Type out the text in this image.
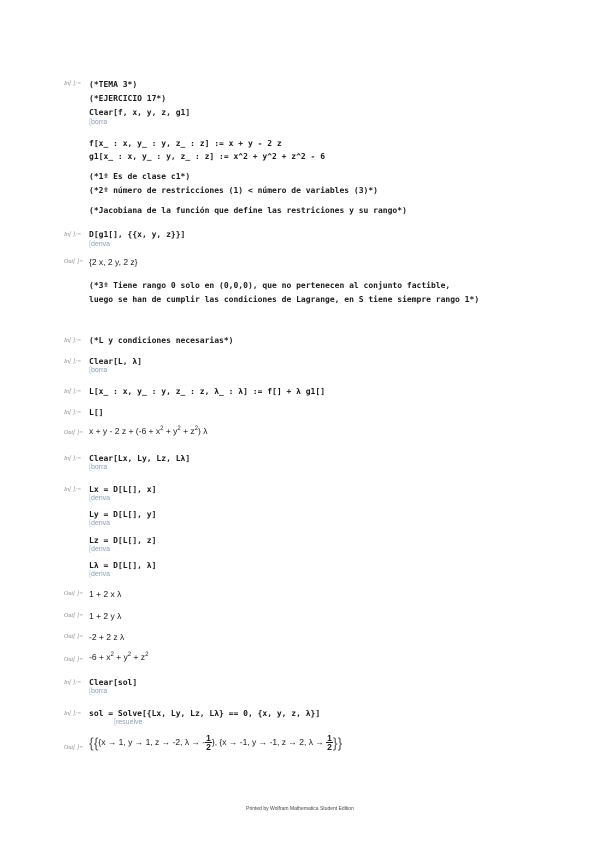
In[ ]:= (*TEMA 3*)
(*EJERCICIO 17*)
Clear[f, x, y, z, g1]
[borra
f[x_ : x, y_ : y, z_ : z] := x + y - 2 z
g1[x_ : x, y_ : y, z_ : z] := x^2 + y^2 + z^2 - 6
(*1º Es de clase c1*)
(*2º número de restricciones (1) < número de variables (3)*)
(*Jacobiana de la función que define las restriciones y su rango*)
In[ ]:= D[g1[], {{x, y, z}}]
[deriva
Out[ ]= {2 x, 2 y, 2 z}
(*3º Tiene rango 0 solo en (0,0,0), que no pertenecen al conjunto factible,
luego se han de cumplir las condiciones de Lagrange, en S tiene siempre rango 1*)
In[ ]:= (*L y condiciones necesarias*)
In[ ]:= Clear[L, λ]
[borra
In[ ]:= L[x_ : x, y_ : y, z_ : z, λ_ : λ] := f[] + λ g1[]
In[ ]:= L[]
Out[ ]= x + y - 2 $z + (-6 + x^2 + y^2 + z^2)$ λ
In[ ]:= Clear[Lx, Ly, Lz, Lλ]
[borra
In[ ]:= Lx = D[L[], x]
[deriva
Ly = D[L[], y]
[deriva
Lz = D[L[], z]
[deriva
Lλ = D[L[], λ]
[deriva
Out[ ]= 1 + 2 x λ
Out[ ]= 1 + 2 y λ
Out[ ]= -2 + 2 z λ
Out[ ]= $-6 + x^2 + y^2 + z^2$
In[ ]:= Clear[sol]
[borra
In[ ]:= sol = Solve[{Lx, Ly, Lz, Lλ} == 0, {x, y, z, λ}]
[resuelve
Out[ ]= {{{x → 1, y → 1, z → -2, λ → - $\frac{1}{2}$ }, {x → -1, y → -1, z → 2, $\lambda \to \frac{1}{2}$ }}
Printed by Wolfram Mathematica Student Edition
